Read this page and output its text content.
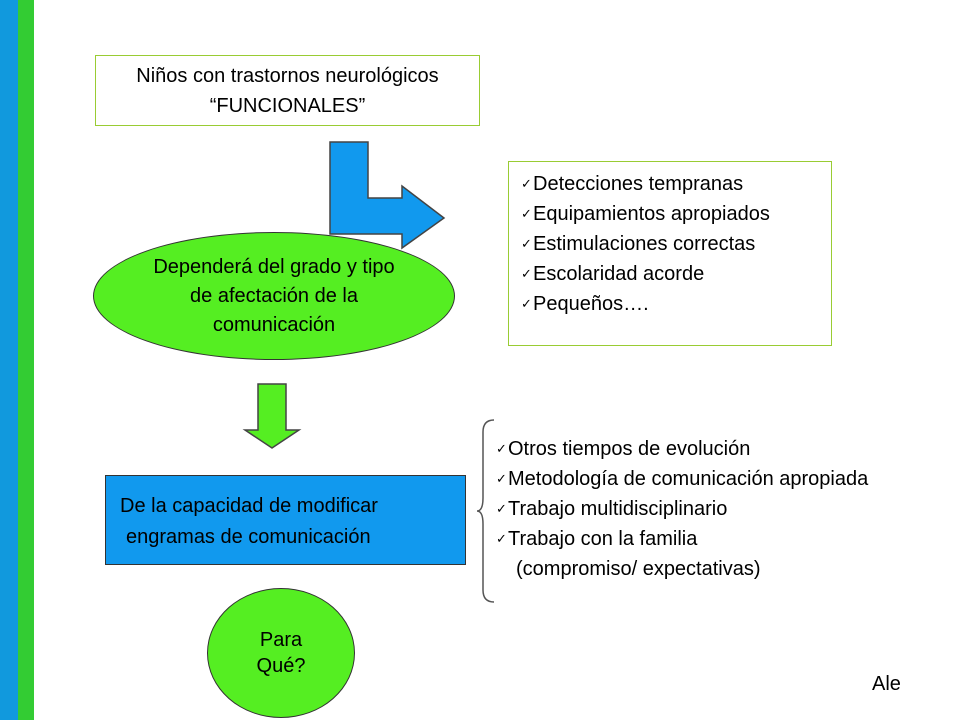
Niños con trastornos neurológicos
“FUNCIONALES”
✓Detecciones tempranas
✓Equipamientos apropiados
✓Estimulaciones correctas
✓Escolaridad acorde
✓Pequeños….
Dependerá del grado y tipo
de afectación de la
comunicación
De la capacidad de modificar
engramas de comunicación
✓Otros tiempos de evolución
✓Metodología de comunicación apropiada
✓Trabajo multidisciplinario
✓Trabajo con la familia
(compromiso/ expectativas)
Para
Qué?
Ale
